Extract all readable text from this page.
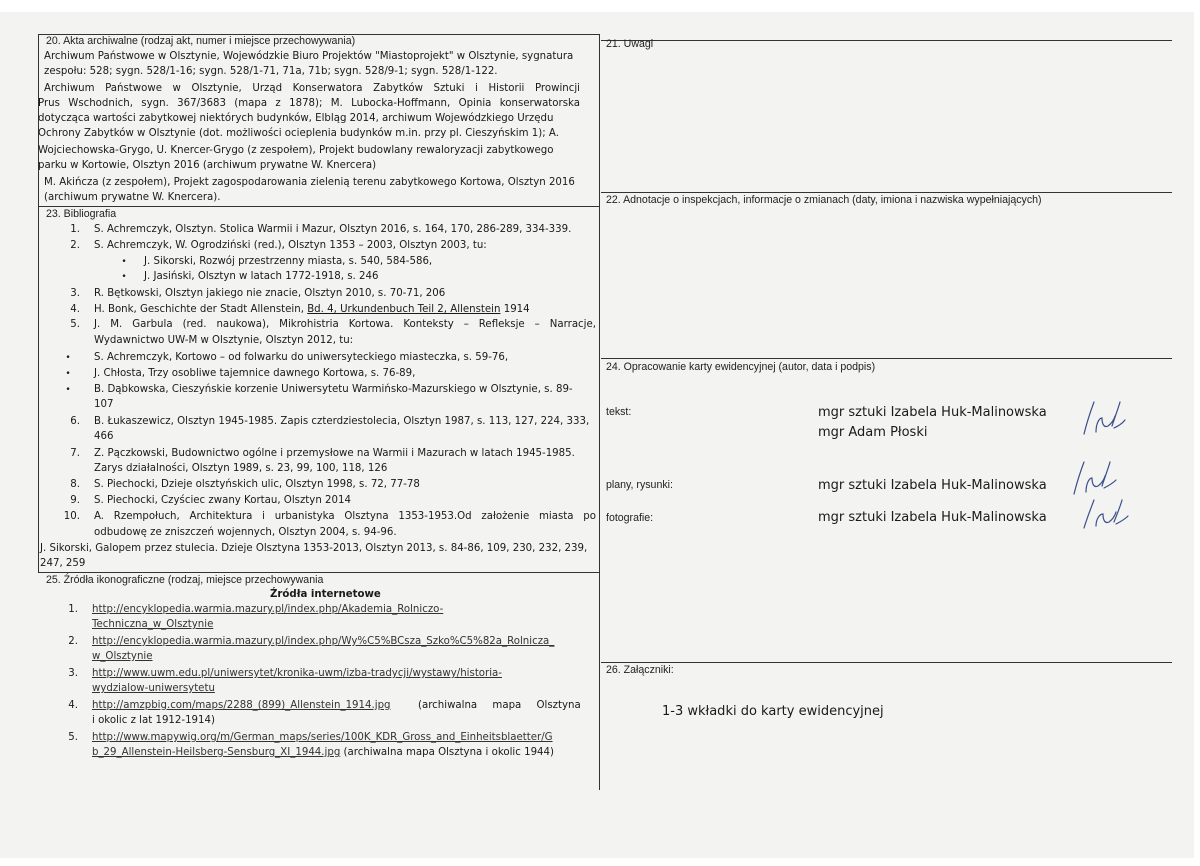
20. Akta archiwalne (rodzaj akt, numer i miejsce przechowywania)
Archiwum Państwowe w Olsztynie, Wojewódzkie Biuro Projektów "Miastoprojekt" w Olsztynie, sygnatura
zespołu: 528; sygn. 528/1-16; sygn. 528/1-71, 71a, 71b; sygn. 528/9-1; sygn. 528/1-122.
Archiwum Państwowe w Olsztynie, Urząd Konserwatora Zabytków Sztuki i Historii Prowincji
Prus Wschodnich, sygn. 367/3683 (mapa z 1878); M. Lubocka-Hoffmann, Opinia konserwatorska
dotycząca wartości zabytkowej niektórych budynków, Elbląg 2014, archiwum Wojewódzkiego Urzędu
Ochrony Zabytków w Olsztynie (dot. możliwości ocieplenia budynków m.in. przy pl. Cieszyńskim 1); A.
Wojciechowska-Grygo, U. Knercer-Grygo (z zespołem), Projekt budowlany rewaloryzacji zabytkowego
parku w Kortowie, Olsztyn 2016 (archiwum prywatne W. Knercera)
M. Akińcza (z zespołem), Projekt zagospodarowania zielenią terenu zabytkowego Kortowa, Olsztyn 2016
(archiwum prywatne W. Knercera).
21. Uwagi
22. Adnotacje o inspekcjach, informacje o zmianach (daty, imiona i nazwiska wypełniających)
23. Bibliografia
1. S. Achremczyk, Olsztyn. Stolica Warmii i Mazur, Olsztyn 2016, s. 164, 170, 286-289, 334-339.
2. S. Achremczyk, W. Ogrodziński (red.), Olsztyn 1353 – 2003, Olsztyn 2003, tu:
•	J. Sikorski, Rozwój przestrzenny miasta, s. 540, 584-586,
•	J. Jasiński, Olsztyn w latach 1772-1918, s. 246
3. R. Bętkowski, Olsztyn jakiego nie znacie, Olsztyn 2010, s. 70-71, 206
4. H. Bonk, Geschichte der Stadt Allenstein, Bd. 4, Urkundenbuch Teil 2, Allenstein 1914
5. J. M. Garbula (red. naukowa), Mikrohistria Kortowa. Konteksty – Refleksje – Narracje,
Wydawnictwo UW-M w Olsztynie, Olsztyn 2012, tu:
•	S. Achremczyk, Kortowo – od folwarku do uniwersyteckiego miasteczka, s. 59-76,
•	J. Chłosta, Trzy osobliwe tajemnice dawnego Kortowa, s. 76-89,
•	B. Dąbkowska, Cieszyńskie korzenie Uniwersytetu Warmińsko-Mazurskiego w Olsztynie, s. 89-
107
6. B. Łukaszewicz, Olsztyn 1945-1985. Zapis czterdziestolecia, Olsztyn 1987, s. 113, 127, 224, 333,
466
7. Z. Pączkowski, Budownictwo ogólne i przemysłowe na Warmii i Mazurach w latach 1945-1985.
Zarys działalności, Olsztyn 1989, s. 23, 99, 100, 118, 126
8. S. Piechocki, Dzieje olsztyńskich ulic, Olsztyn 1998, s. 72, 77-78
9. S. Piechocki, Czyściec zwany Kortau, Olsztyn 2014
10. A. Rzempołuch, Architektura i urbanistyka Olsztyna 1353-1953.Od założenie miasta po
odbudowę ze zniszczeń wojennych, Olsztyn 2004, s. 94-96.
J. Sikorski, Galopem przez stulecia. Dzieje Olsztyna 1353-2013, Olsztyn 2013, s. 84-86, 109, 230, 232, 239,
247, 259
24. Opracowanie karty ewidencyjnej (autor, data i podpis)
tekst:	mgr sztuki Izabela Huk-Malinowska
mgr Adam Płoski
plany, rysunki:	mgr sztuki Izabela Huk-Malinowska
fotografie:	mgr sztuki Izabela Huk-Malinowska
25. Źródła ikonograficzne (rodzaj, miejsce przechowywania
Źródła internetowe
1. http://encyklopedia.warmia.mazury.pl/index.php/Akademia_Rolniczo-
Techniczna_w_Olsztynie
2. http://encyklopedia.warmia.mazury.pl/index.php/Wy%C5%BCsza_Szko%C5%82a_Rolnicza_
w_Olsztynie
3. http://www.uwm.edu.pl/uniwersytet/kronika-uwm/izba-tradycji/wystawy/historia-
wydzialow-uniwersytetu
4. http://amzpbig.com/maps/2288_(899)_Allenstein_1914.jpg	(archiwalna mapa Olsztyna
i okolic z lat 1912-1914)
5. http://www.mapywig.org/m/German_maps/series/100K_KDR_Gross_and_Einheitsblaetter/G
b_29_Allenstein-Heilsberg-Sensburg_XI_1944.jpg (archiwalna mapa Olsztyna i okolic 1944)
26. Załączniki:
1-3 wkładki do karty ewidencyjnej
